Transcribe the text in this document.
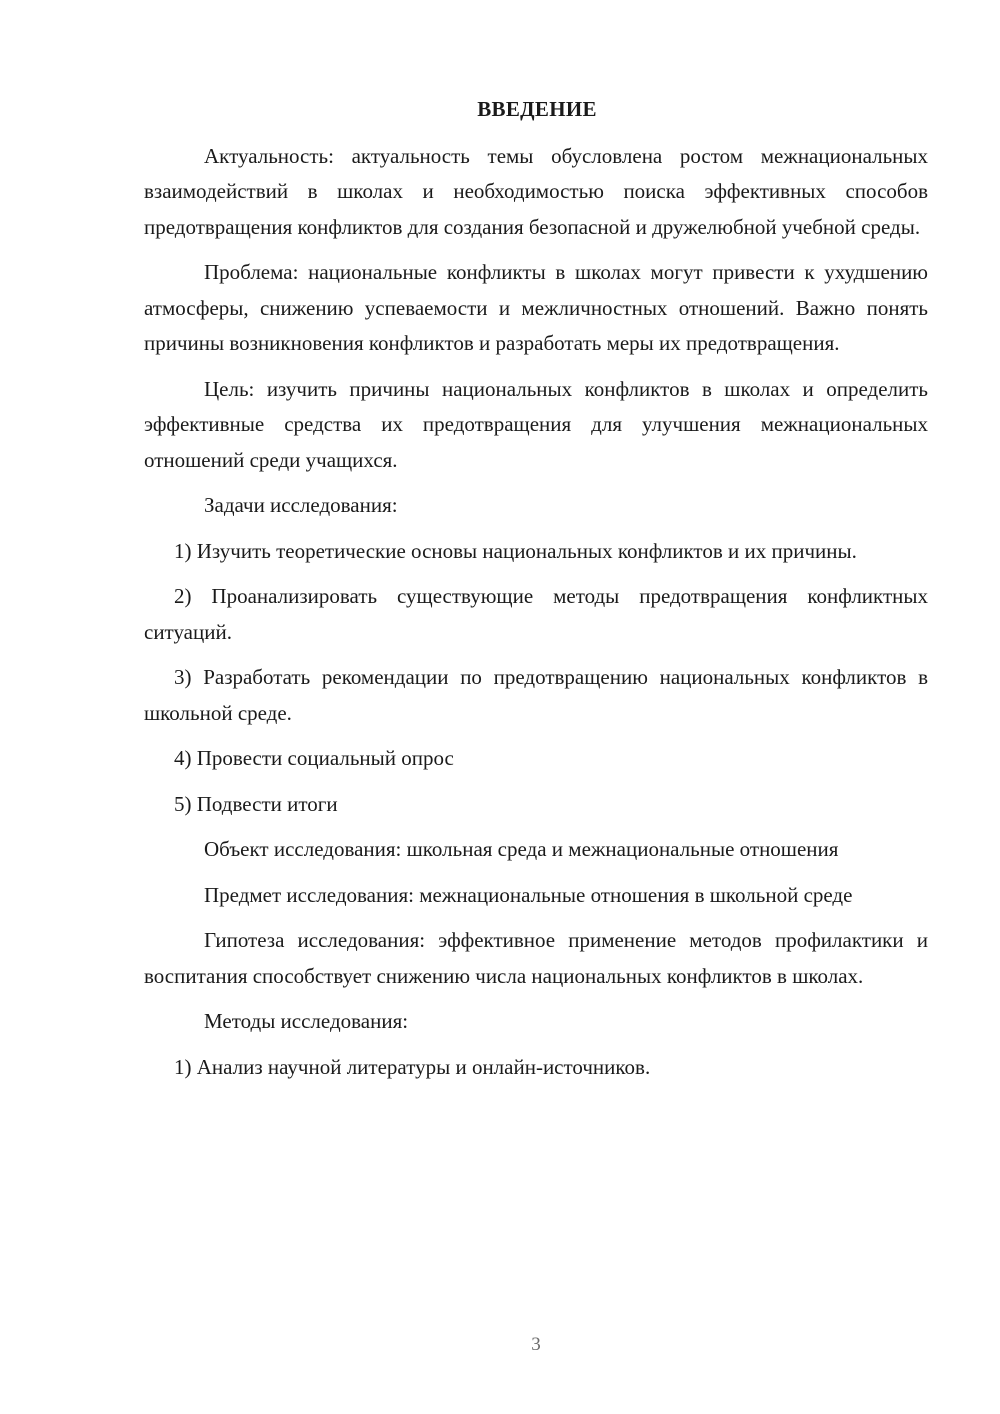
ВВЕДЕНИЕ

Актуальность: актуальность темы обусловлена ростом межнациональных взаимодействий в школах и необходимостью поиска эффективных способов предотвращения конфликтов для создания безопасной и дружелюбной учебной среды.

Проблема: национальные конфликты в школах могут привести к ухудшению атмосферы, снижению успеваемости и межличностных отношений. Важно понять причины возникновения конфликтов и разработать меры их предотвращения.

Цель: изучить причины национальных конфликтов в школах и определить эффективные средства их предотвращения для улучшения межнациональных отношений среди учащихся.

Задачи исследования:

1) Изучить теоретические основы национальных конфликтов и их причины.

2) Проанализировать существующие методы предотвращения конфликтных ситуаций.

3) Разработать рекомендации по предотвращению национальных конфликтов в школьной среде.

4) Провести социальный опрос

5) Подвести итоги

Объект исследования: школьная среда и межнациональные отношения

Предмет исследования: межнациональные отношения в школьной среде

Гипотеза исследования: эффективное применение методов профилактики и воспитания способствует снижению числа национальных конфликтов в школах.

Методы исследования:

1) Анализ научной литературы и онлайн-источников.

3
